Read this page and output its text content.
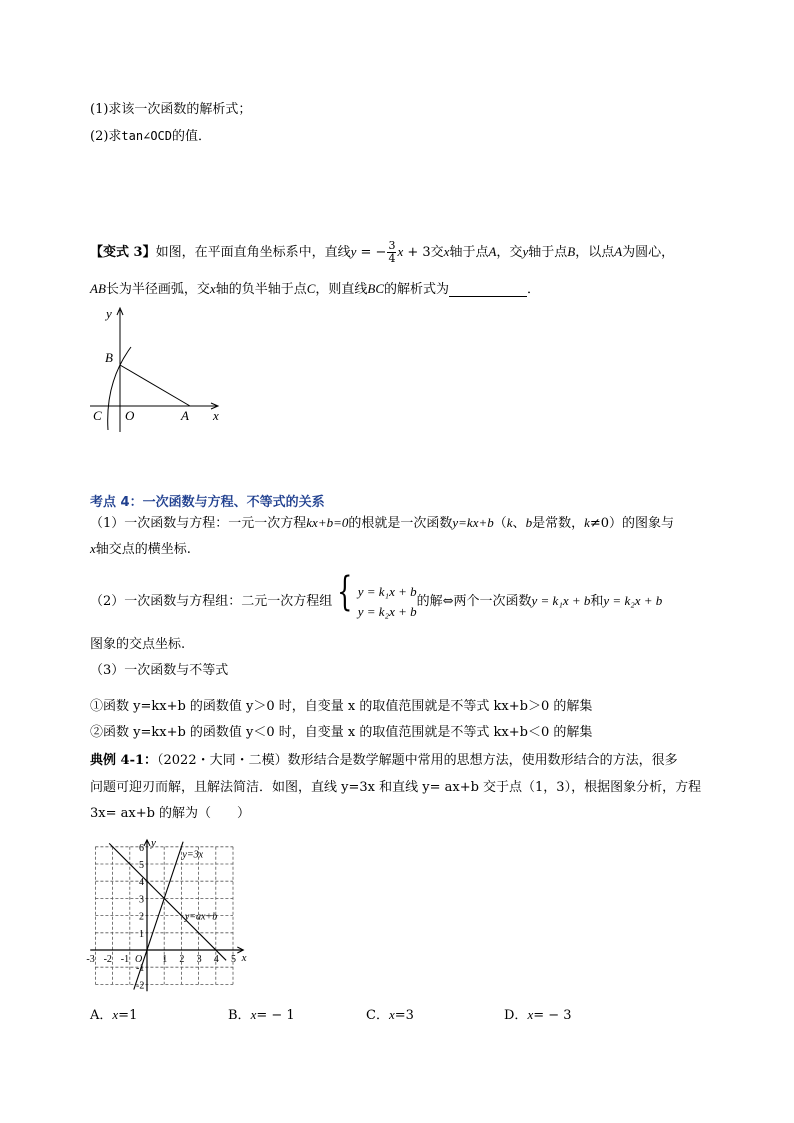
(1)求该一次函数的解析式；
(2)求tan∠OCD的值．
【变式 3】如图，在平面直角坐标系中，直线y = − $\frac{3}{4}$ x + 3交x轴于点A，交y轴于点B，以点A为圆心，
AB长为半径画弧，交x轴的负半轴于点C，则直线BC的解析式为	．
y
B
C O	A x
考点 4：一次函数与方程、不等式的关系
（1）一次函数与方程：一元一次方程kx+b=0的根就是一次函数y=kx+b（k、b是常数，k≠0）的图象与
x轴交点的横坐标.
（2）一次函数与方程组：二元一次方程组 { y = k₁x + b
y = k₂x + b
的解⇔两个一次函数y = k₁x + b和y = k₂x + b
图象的交点坐标.
（3）一次函数与不等式
①函数 y=kx+b 的函数值 y＞0 时，自变量 x 的取值范围就是不等式 kx+b＞0 的解集
②函数 y=kx+b 的函数值 y＜0 时，自变量 x 的取值范围就是不等式 kx+b＜0 的解集
典例 4-1：（2022・大同・二模）数形结合是数学解题中常用的思想方法，使用数形结合的方法，很多
问题可迎刃而解，且解法简洁．如图，直线 y=3x 和直线 y= ax+b 交于点（1，3），根据图象分析，方程
3x= ax+b 的解为（　　）
-3 -2 -1 O 1 2 3 4 5
6
5
4
3
2
1
-1
-2
x
y
y=3x
y=ax+b
A．x=1	B．x= − 1	C．x=3	D．x= − 3
